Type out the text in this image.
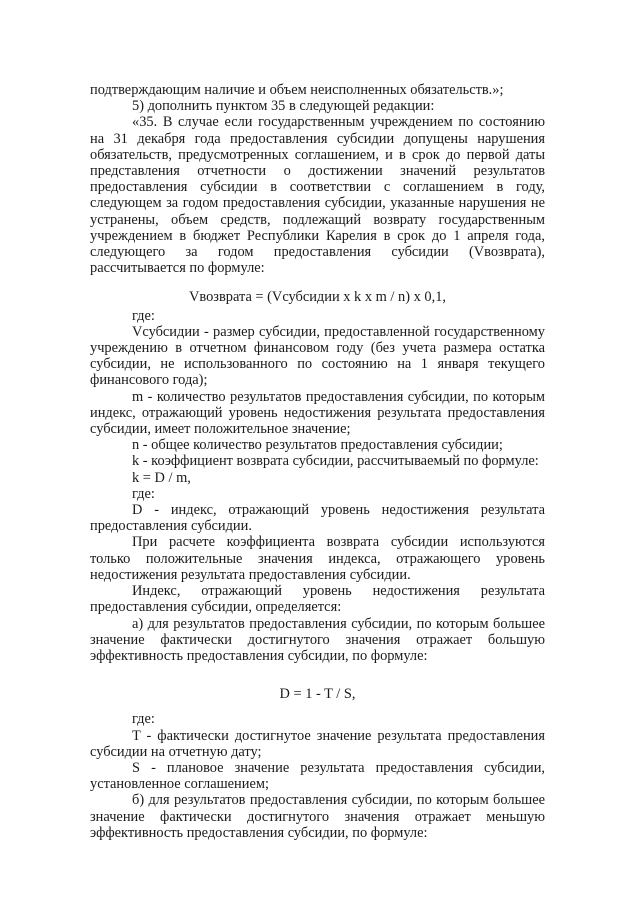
подтверждающим наличие и объем неисполненных обязательств.»;

5) дополнить пунктом 35 в следующей редакции:

«35. В случае если государственным учреждением по состоянию на 31 декабря года предоставления субсидии допущены нарушения обязательств, предусмотренных соглашением, и в срок до первой даты представления отчетности о достижении значений результатов предоставления субсидии в соответствии с соглашением в году, следующем за годом предоставления субсидии, указанные нарушения не устранены, объем средств, подлежащий возврату государственным учреждением в бюджет Республики Карелия в срок до 1 апреля года, следующего за годом предоставления субсидии (Vвозврата), рассчитывается по формуле:

Vвозврата = (Vсубсидии x k x m / n) x 0,1,

где:

Vсубсидии - размер субсидии, предоставленной государственному учреждению в отчетном финансовом году (без учета размера остатка субсидии, не использованного по состоянию на 1 января текущего финансового года);

m - количество результатов предоставления субсидии, по которым индекс, отражающий уровень недостижения результата предоставления субсидии, имеет положительное значение;

n - общее количество результатов предоставления субсидии;

k - коэффициент возврата субсидии, рассчитываемый по формуле:

k = D / m,

где:

D - индекс, отражающий уровень недостижения результата предоставления субсидии.

При расчете коэффициента возврата субсидии используются только положительные значения индекса, отражающего уровень недостижения результата предоставления субсидии.

Индекс, отражающий уровень недостижения результата предоставления субсидии, определяется:

а) для результатов предоставления субсидии, по которым большее значение фактически достигнутого значения отражает большую эффективность предоставления субсидии, по формуле:

D = 1 - T / S,

где:

T - фактически достигнутое значение результата предоставления субсидии на отчетную дату;

S - плановое значение результата предоставления субсидии, установленное соглашением;

б) для результатов предоставления субсидии, по которым большее значение фактически достигнутого значения отражает меньшую эффективность предоставления субсидии, по формуле:
